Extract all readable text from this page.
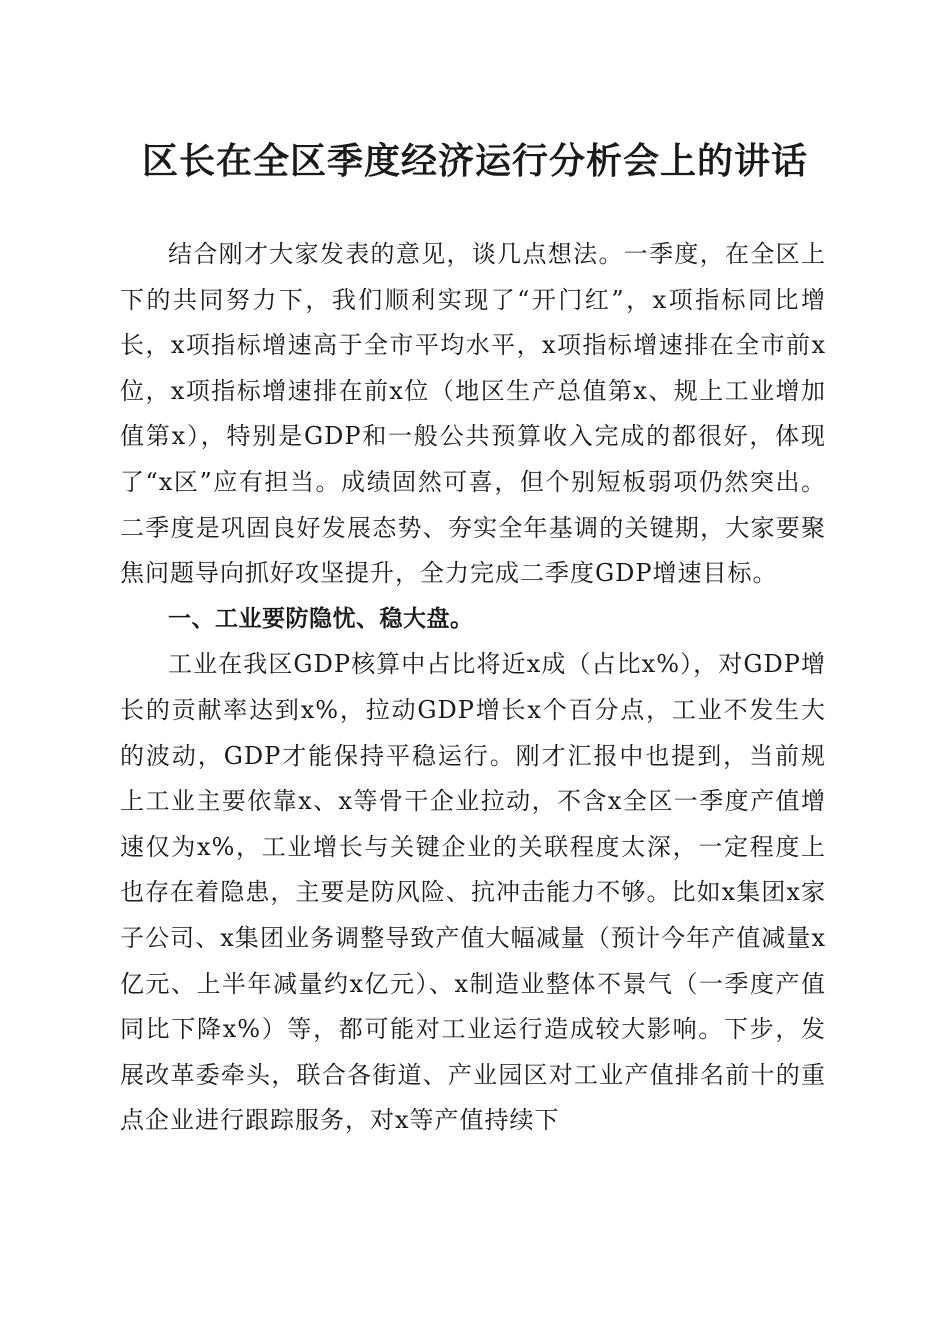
区长在全区季度经济运行分析会上的讲话

结合刚才大家发表的意见，谈几点想法。一季度，在全区上下的共同努力下，我们顺利实现了“开门红”，x项指标同比增长，x项指标增速高于全市平均水平，x项指标增速排在全市前x位，x项指标增速排在前x位（地区生产总值第x、规上工业增加值第x），特别是GDP和一般公共预算收入完成的都很好，体现了“x区”应有担当。成绩固然可喜，但个别短板弱项仍然突出。二季度是巩固良好发展态势、夯实全年基调的关键期，大家要聚焦问题导向抓好攻坚提升，全力完成二季度GDP增速目标。

一、工业要防隐忧、稳大盘。

工业在我区GDP核算中占比将近x成（占比x%），对GDP增长的贡献率达到x%，拉动GDP增长x个百分点，工业不发生大的波动，GDP才能保持平稳运行。刚才汇报中也提到，当前规上工业主要依靠x、x等骨干企业拉动，不含x全区一季度产值增速仅为x%，工业增长与关键企业的关联程度太深，一定程度上也存在着隐患，主要是防风险、抗冲击能力不够。比如x集团x家子公司、x集团业务调整导致产值大幅减量（预计今年产值减量x亿元、上半年减量约x亿元）、x制造业整体不景气（一季度产值同比下降x%）等，都可能对工业运行造成较大影响。下步，发展改革委牵头，联合各街道、产业园区对工业产值排名前十的重点企业进行跟踪服务，对x等产值持续下
